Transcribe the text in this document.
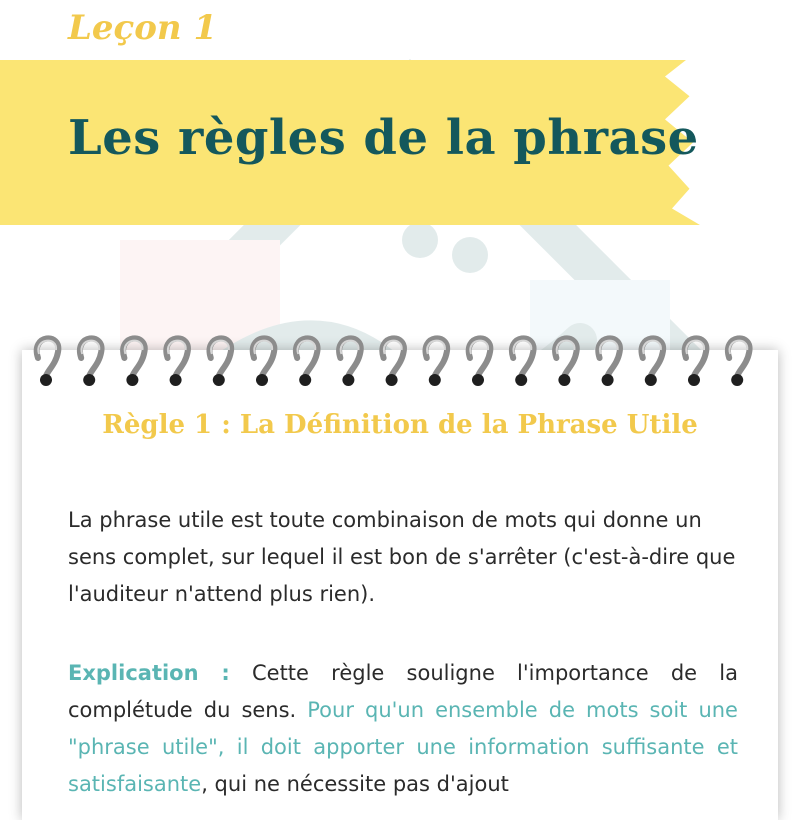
Leçon 1
Les règles de la phrase
Règle 1 : La Définition de la Phrase Utile
La phrase utile est toute combinaison de mots qui donne un sens complet, sur lequel il est bon de s'arrêter (c'est-à-dire que l'auditeur n'attend plus rien).
Explication : Cette règle souligne l'importance de la complétude du sens. Pour qu'un ensemble de mots soit une "phrase utile", il doit apporter une information suffisante et satisfaisante, qui ne nécessite pas d'ajout
